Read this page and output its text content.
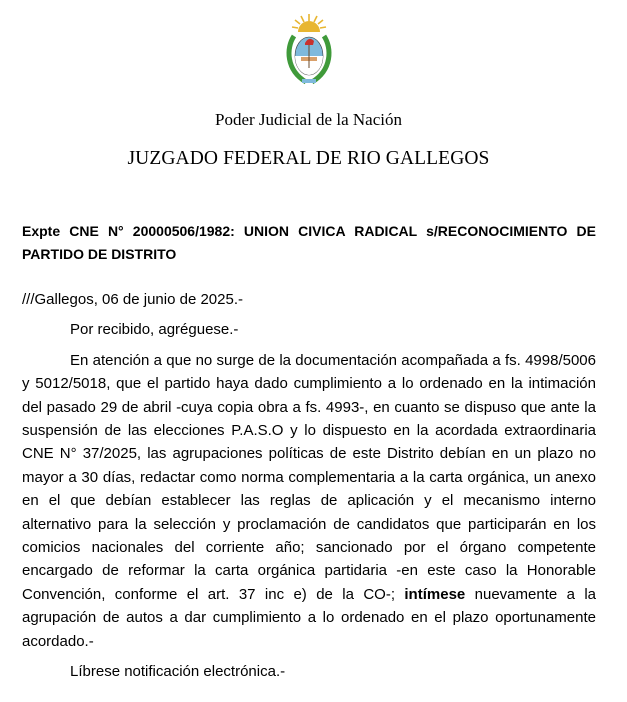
Poder Judicial de la Nación
JUZGADO FEDERAL DE RIO GALLEGOS
Expte CNE N° 20000506/1982: UNION CIVICA RADICAL s/RECONOCIMIENTO DE PARTIDO DE DISTRITO

///Gallegos, 06 de junio de 2025.-

Por recibido, agréguese.-

En atención a que no surge de la documentación acompañada a fs. 4998/5006 y 5012/5018, que el partido haya dado cumplimiento a lo ordenado en la intimación del pasado 29 de abril -cuya copia obra a fs. 4993-, en cuanto se dispuso que ante la suspensión de las elecciones P.A.S.O y lo dispuesto en la acordada extraordinaria CNE N° 37/2025, las agrupaciones políticas de este Distrito debían en un plazo no mayor a 30 días, redactar como norma complementaria a la carta orgánica, un anexo en el que debían establecer las reglas de aplicación y el mecanismo interno alternativo para la selección y proclamación de candidatos que participarán en los comicios nacionales del corriente año; sancionado por el órgano competente encargado de reformar la carta orgánica partidaria -en este caso la Honorable Convención, conforme el art. 37 inc e) de la CO-; intímese nuevamente a la agrupación de autos a dar cumplimiento a lo ordenado en el plazo oportunamente acordado.-

Líbrese notificación electrónica.-
